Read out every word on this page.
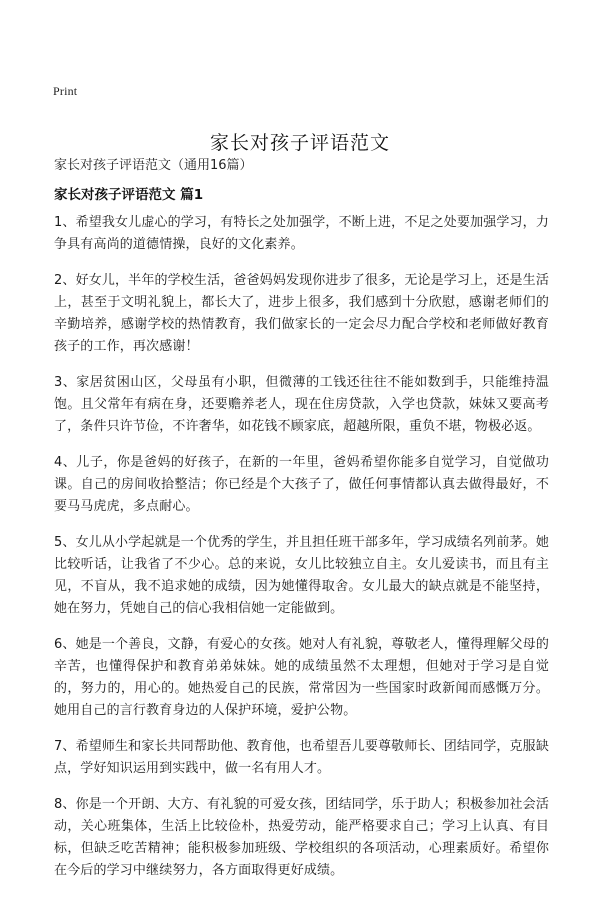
Print
家长对孩子评语范文
家长对孩子评语范文（通用16篇）
家长对孩子评语范文 篇1

1、希望我女儿虚心的学习，有特长之处加强学，不断上进，不足之处要加强学习，力争具有高尚的道德情操，良好的文化素养。

2、好女儿，半年的学校生活，爸爸妈妈发现你进步了很多，无论是学习上，还是生活上，甚至于文明礼貌上，都长大了，进步上很多，我们感到十分欣慰，感谢老师们的辛勤培养，感谢学校的热情教育，我们做家长的一定会尽力配合学校和老师做好教育孩子的工作，再次感谢！

3、家居贫困山区，父母虽有小职，但微薄的工钱还往往不能如数到手，只能维持温饱。且父常年有病在身，还要赡养老人，现在住房贷款，入学也贷款，妹妹又要高考了，条件只许节俭，不许奢华，如花钱不顾家底，超越所限，重负不堪，物极必返。

4、儿子，你是爸妈的好孩子，在新的一年里，爸妈希望你能多自觉学习，自觉做功课。自己的房间收拾整洁；你已经是个大孩子了，做任何事情都认真去做得最好，不要马马虎虎，多点耐心。

5、女儿从小学起就是一个优秀的学生，并且担任班干部多年，学习成绩名列前茅。她比较听话，让我省了不少心。总的来说，女儿比较独立自主。女儿爱读书，而且有主见，不盲从，我不追求她的成绩，因为她懂得取舍。女儿最大的缺点就是不能坚持，她在努力，凭她自己的信心我相信她一定能做到。

6、她是一个善良，文静，有爱心的女孩。她对人有礼貌，尊敬老人，懂得理解父母的辛苦，也懂得保护和教育弟弟妹妹。她的成绩虽然不太理想，但她对于学习是自觉的，努力的，用心的。她热爱自己的民族，常常因为一些国家时政新闻而感慨万分。她用自己的言行教育身边的人保护环境，爱护公物。

7、希望师生和家长共同帮助他、教育他，也希望吾儿要尊敬师长、团结同学，克服缺点，学好知识运用到实践中，做一名有用人才。

8、你是一个开朗、大方、有礼貌的可爱女孩，团结同学，乐于助人；积极参加社会活动，关心班集体，生活上比较俭朴，热爱劳动，能严格要求自己；学习上认真、有目标，但缺乏吃苦精神；能积极参加班级、学校组织的各项活动，心理素质好。希望你在今后的学习中继续努力，各方面取得更好成绩。
